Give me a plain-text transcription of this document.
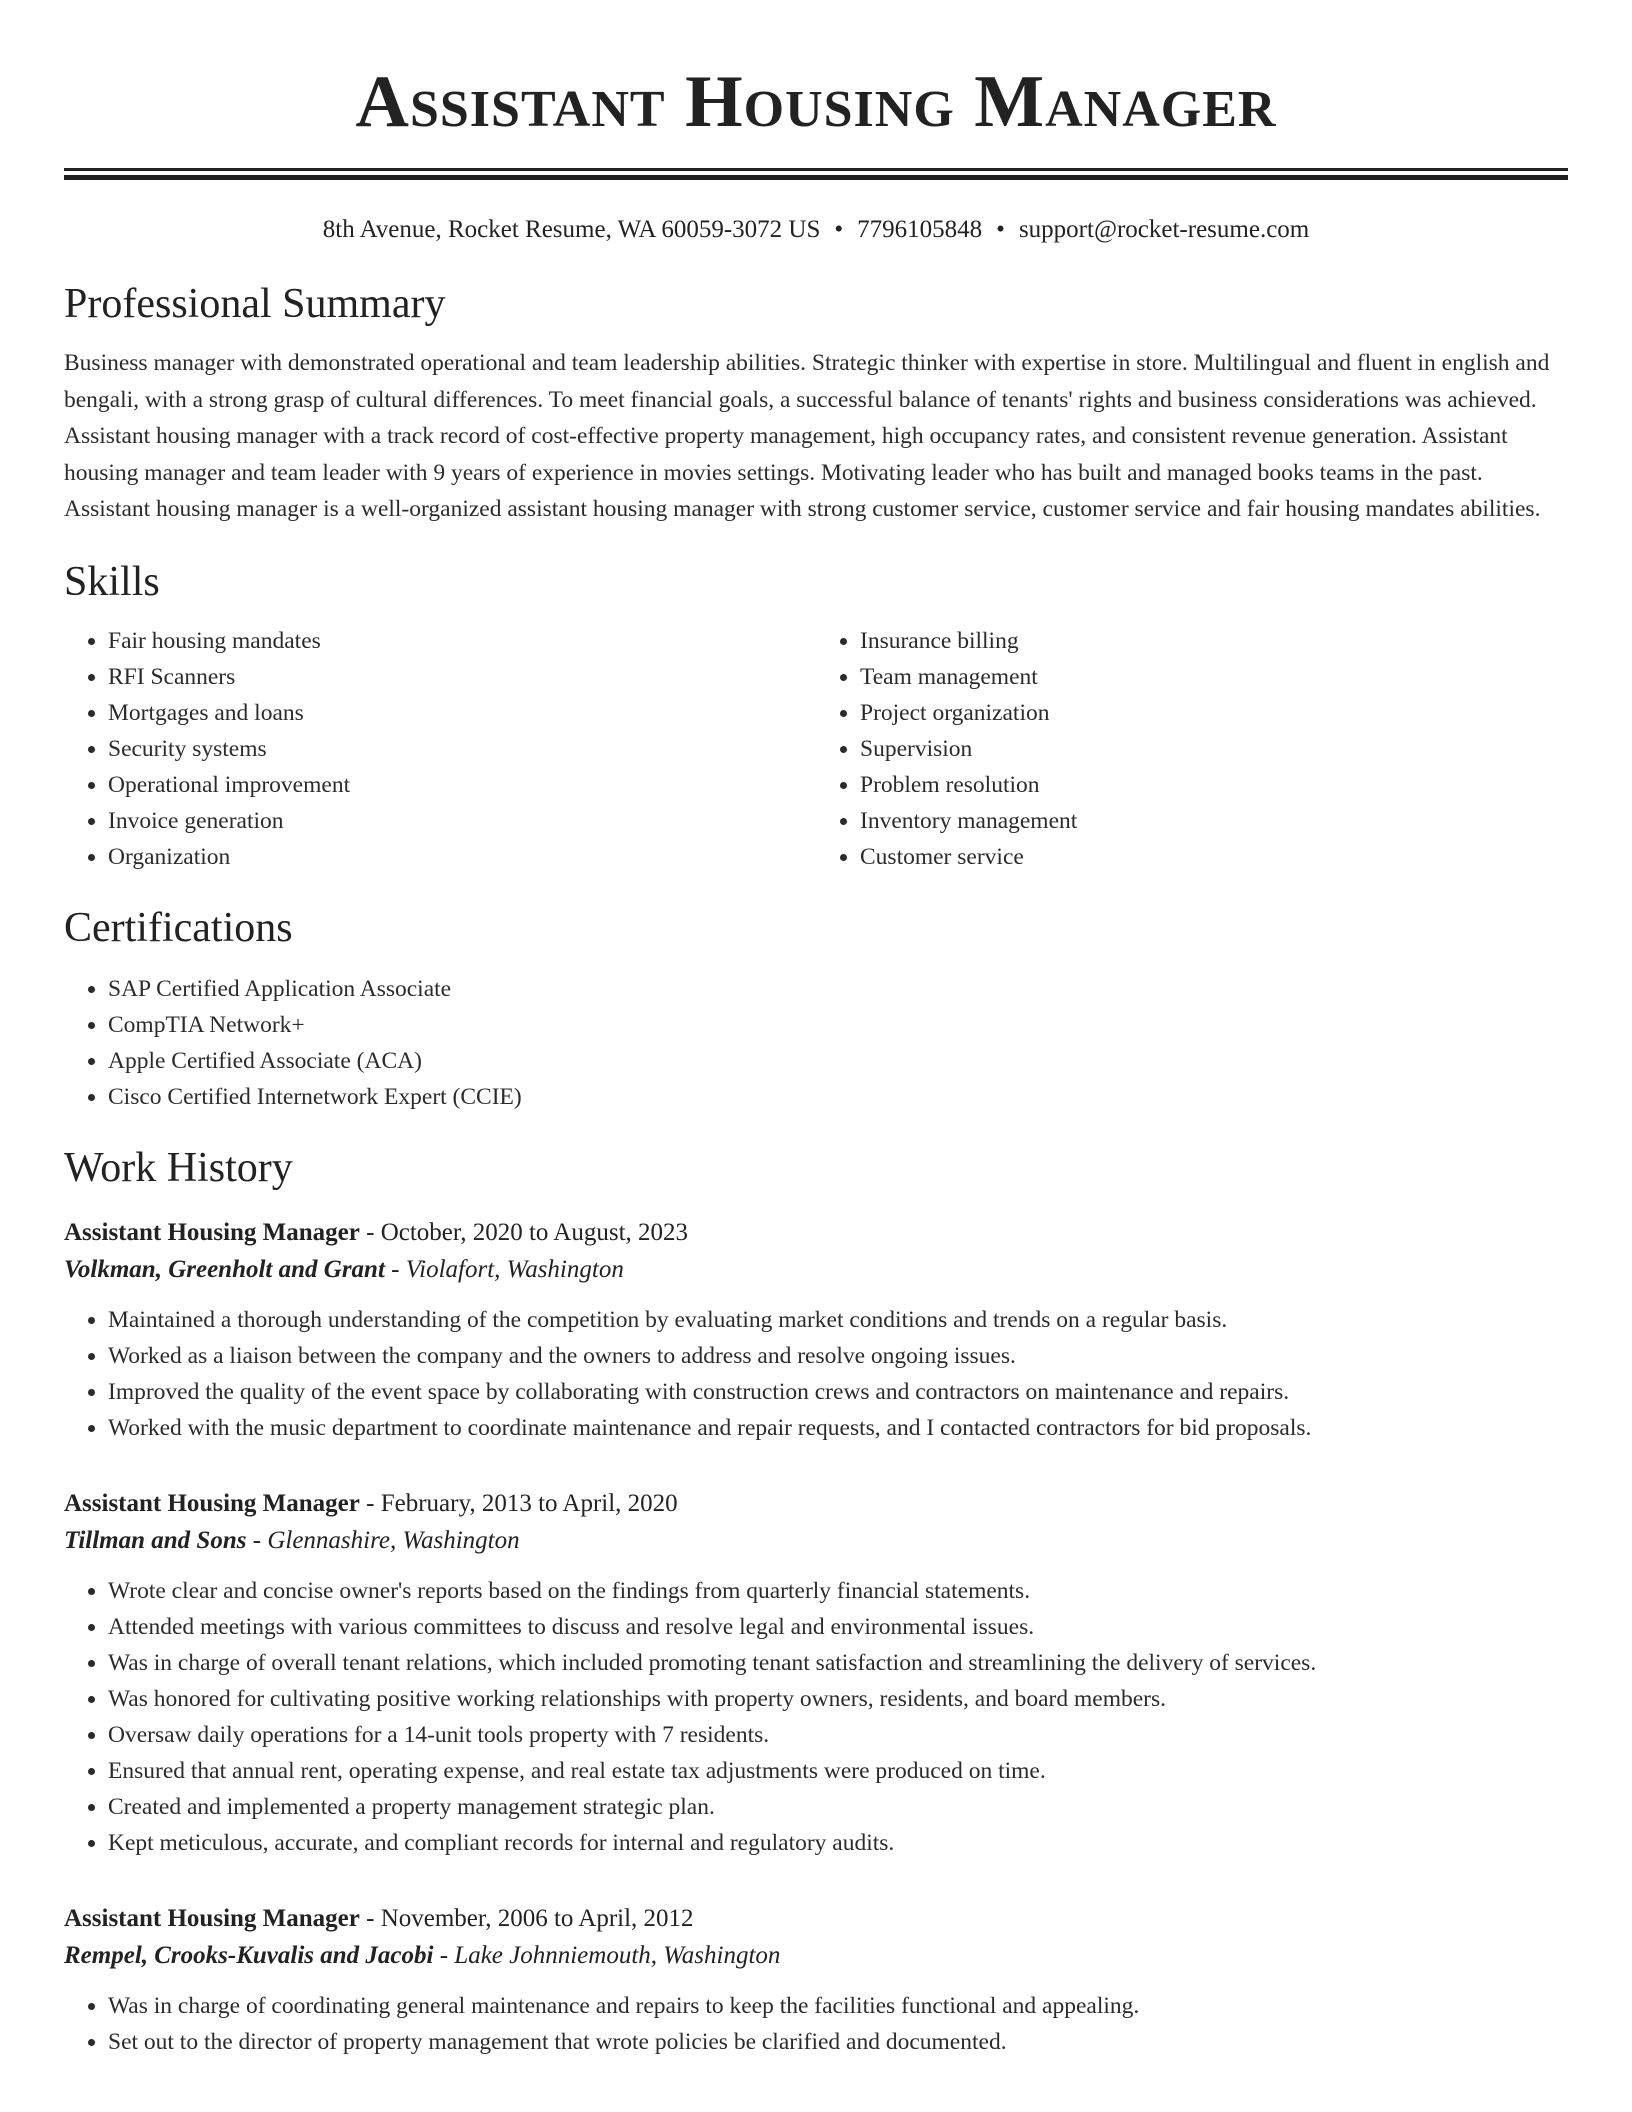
Assistant Housing Manager
8th Avenue, Rocket Resume, WA 60059-3072 US • 7796105848 • support@rocket-resume.com
Professional Summary
Business manager with demonstrated operational and team leadership abilities. Strategic thinker with expertise in store. Multilingual and fluent in english and bengali, with a strong grasp of cultural differences. To meet financial goals, a successful balance of tenants' rights and business considerations was achieved. Assistant housing manager with a track record of cost-effective property management, high occupancy rates, and consistent revenue generation. Assistant housing manager and team leader with 9 years of experience in movies settings. Motivating leader who has built and managed books teams in the past. Assistant housing manager is a well-organized assistant housing manager with strong customer service, customer service and fair housing mandates abilities.
Skills
• Fair housing mandates
• RFI Scanners
• Mortgages and loans
• Security systems
• Operational improvement
• Invoice generation
• Organization
• Insurance billing
• Team management
• Project organization
• Supervision
• Problem resolution
• Inventory management
• Customer service
Certifications
• SAP Certified Application Associate
• CompTIA Network+
• Apple Certified Associate (ACA)
• Cisco Certified Internetwork Expert (CCIE)
Work History
Assistant Housing Manager - October, 2020 to August, 2023
Volkman, Greenholt and Grant - Violafort, Washington
• Maintained a thorough understanding of the competition by evaluating market conditions and trends on a regular basis.
• Worked as a liaison between the company and the owners to address and resolve ongoing issues.
• Improved the quality of the event space by collaborating with construction crews and contractors on maintenance and repairs.
• Worked with the music department to coordinate maintenance and repair requests, and I contacted contractors for bid proposals.
Assistant Housing Manager - February, 2013 to April, 2020
Tillman and Sons - Glennashire, Washington
• Wrote clear and concise owner's reports based on the findings from quarterly financial statements.
• Attended meetings with various committees to discuss and resolve legal and environmental issues.
• Was in charge of overall tenant relations, which included promoting tenant satisfaction and streamlining the delivery of services.
• Was honored for cultivating positive working relationships with property owners, residents, and board members.
• Oversaw daily operations for a 14-unit tools property with 7 residents.
• Ensured that annual rent, operating expense, and real estate tax adjustments were produced on time.
• Created and implemented a property management strategic plan.
• Kept meticulous, accurate, and compliant records for internal and regulatory audits.
Assistant Housing Manager - November, 2006 to April, 2012
Rempel, Crooks-Kuvalis and Jacobi - Lake Johnniemouth, Washington
• Was in charge of coordinating general maintenance and repairs to keep the facilities functional and appealing.
• Set out to the director of property management that wrote policies be clarified and documented.
